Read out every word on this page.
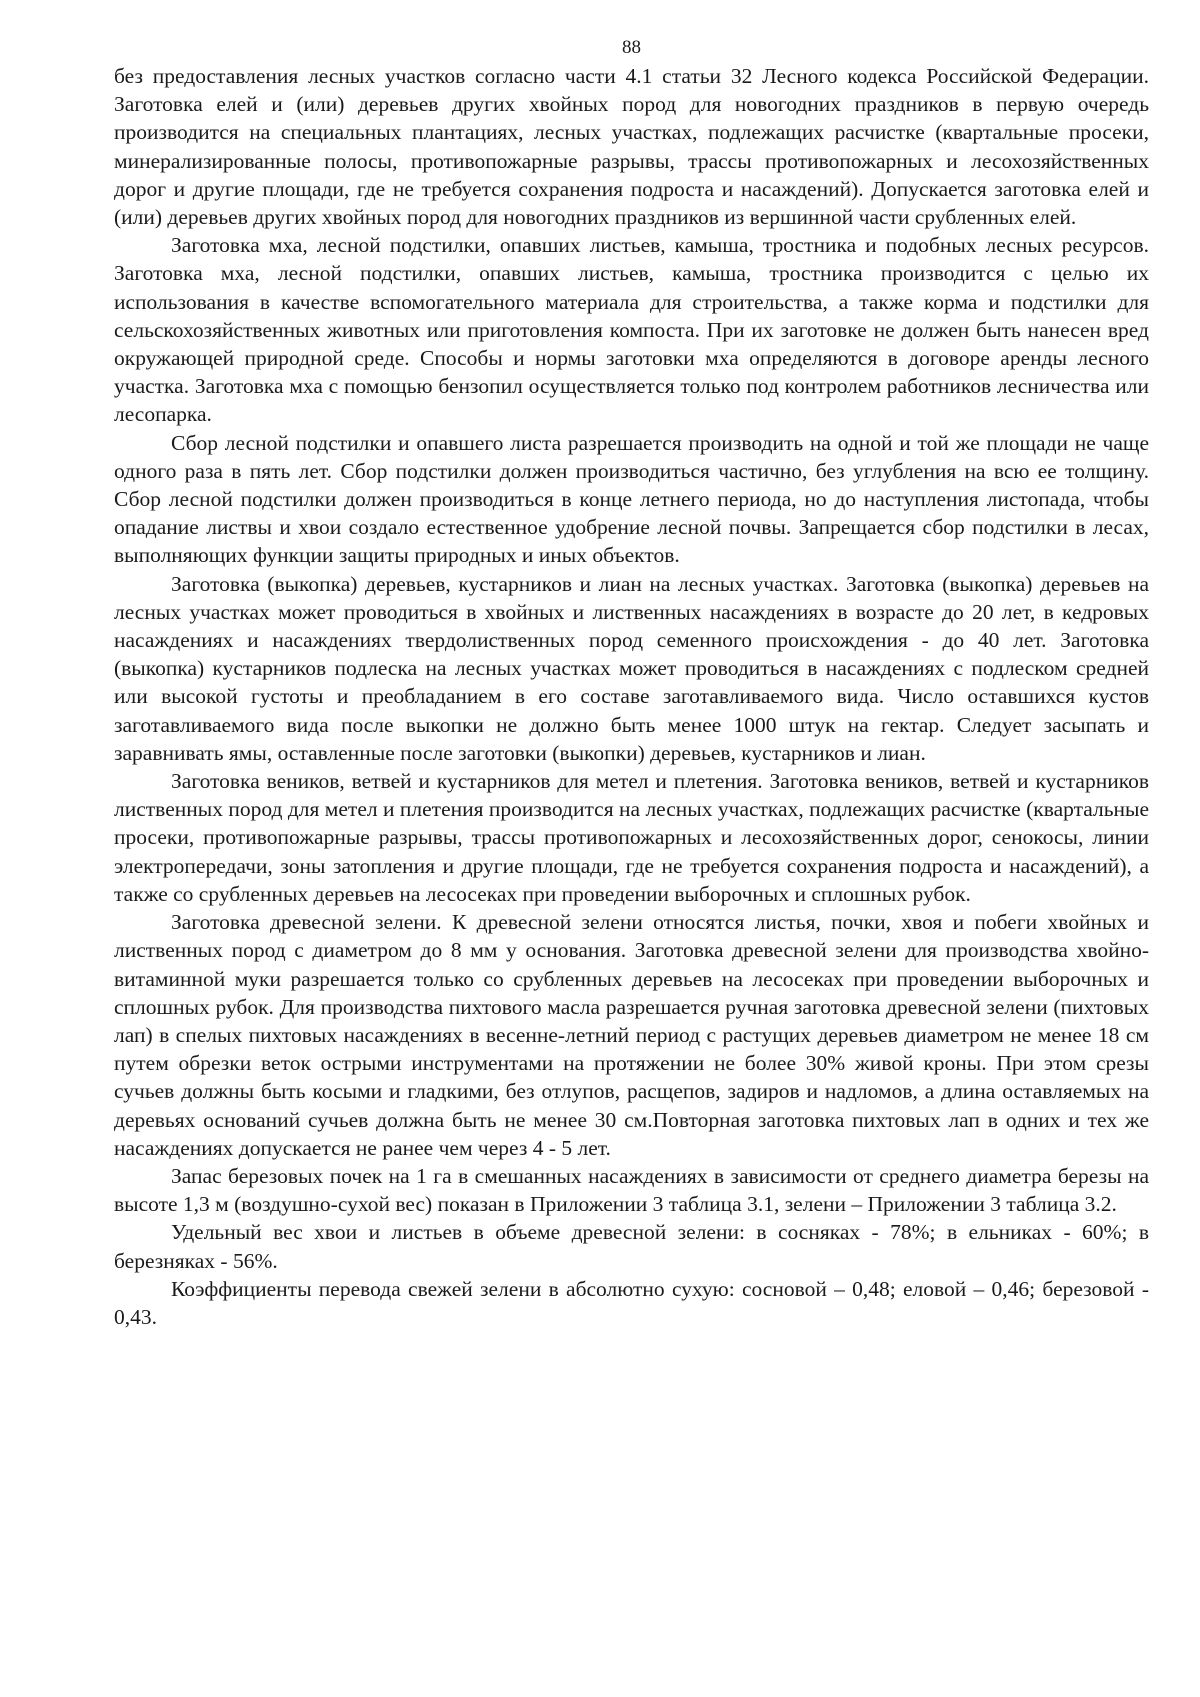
88

без предоставления лесных участков согласно части 4.1 статьи 32 Лесного кодекса Российской Федерации. Заготовка елей и (или) деревьев других хвойных пород для новогодних праздников в первую очередь производится на специальных плантациях, лесных участках, подлежащих расчистке (квартальные просеки, минерализированные полосы, противопожарные разрывы, трассы противопожарных и лесохозяйственных дорог и другие площади, где не требуется сохранения подроста и насаждений). Допускается заготовка елей и (или) деревьев других хвойных пород для новогодних праздников из вершинной части срубленных елей.

Заготовка мха, лесной подстилки, опавших листьев, камыша, тростника и подобных лесных ресурсов. Заготовка мха, лесной подстилки, опавших листьев, камыша, тростника производится с целью их использования в качестве вспомогательного материала для строительства, а также корма и подстилки для сельскохозяйственных животных или приготовления компоста. При их заготовке не должен быть нанесен вред окружающей природной среде. Способы и нормы заготовки мха определяются в договоре аренды лесного участка. Заготовка мха с помощью бензопил осуществляется только под контролем работников лесничества или лесопарка.

Сбор лесной подстилки и опавшего листа разрешается производить на одной и той же площади не чаще одного раза в пять лет. Сбор подстилки должен производиться частично, без углубления на всю ее толщину. Сбор лесной подстилки должен производиться в конце летнего периода, но до наступления листопада, чтобы опадание листвы и хвои создало естественное удобрение лесной почвы. Запрещается сбор подстилки в лесах, выполняющих функции защиты природных и иных объектов.

Заготовка (выкопка) деревьев, кустарников и лиан на лесных участках. Заготовка (выкопка) деревьев на лесных участках может проводиться в хвойных и лиственных насаждениях в возрасте до 20 лет, в кедровых насаждениях и насаждениях твердолиственных пород семенного происхождения - до 40 лет. Заготовка (выкопка) кустарников подлеска на лесных участках может проводиться в насаждениях с подлеском средней или высокой густоты и преобладанием в его составе заготавливаемого вида. Число оставшихся кустов заготавливаемого вида после выкопки не должно быть менее 1000 штук на гектар. Следует засыпать и заравнивать ямы, оставленные после заготовки (выкопки) деревьев, кустарников и лиан.

Заготовка веников, ветвей и кустарников для метел и плетения. Заготовка веников, ветвей и кустарников лиственных пород для метел и плетения производится на лесных участках, подлежащих расчистке (квартальные просеки, противопожарные разрывы, трассы противопожарных и лесохозяйственных дорог, сенокосы, линии электропередачи, зоны затопления и другие площади, где не требуется сохранения подроста и насаждений), а также со срубленных деревьев на лесосеках при проведении выборочных и сплошных рубок.

Заготовка древесной зелени. К древесной зелени относятся листья, почки, хвоя и побеги хвойных и лиственных пород с диаметром до 8 мм у основания. Заготовка древесной зелени для производства хвойно-витаминной муки разрешается только со срубленных деревьев на лесосеках при проведении выборочных и сплошных рубок. Для производства пихтового масла разрешается ручная заготовка древесной зелени (пихтовых лап) в спелых пихтовых насаждениях в весенне-летний период с растущих деревьев диаметром не менее 18 см путем обрезки веток острыми инструментами на протяжении не более 30% живой кроны. При этом срезы сучьев должны быть косыми и гладкими, без отлупов, расщепов, задиров и надломов, а длина оставляемых на деревьях оснований сучьев должна быть не менее 30 см.Повторная заготовка пихтовых лап в одних и тех же насаждениях допускается не ранее чем через 4 - 5 лет.

Запас березовых почек на 1 га в смешанных насаждениях в зависимости от среднего диаметра березы на высоте 1,3 м (воздушно-сухой вес) показан в Приложении 3 таблица 3.1, зелени – Приложении 3 таблица 3.2.

Удельный вес хвои и листьев в объеме древесной зелени: в сосняках - 78%; в ельниках - 60%; в березняках - 56%.

Коэффициенты перевода свежей зелени в абсолютно сухую: сосновой – 0,48; еловой – 0,46; березовой - 0,43.
